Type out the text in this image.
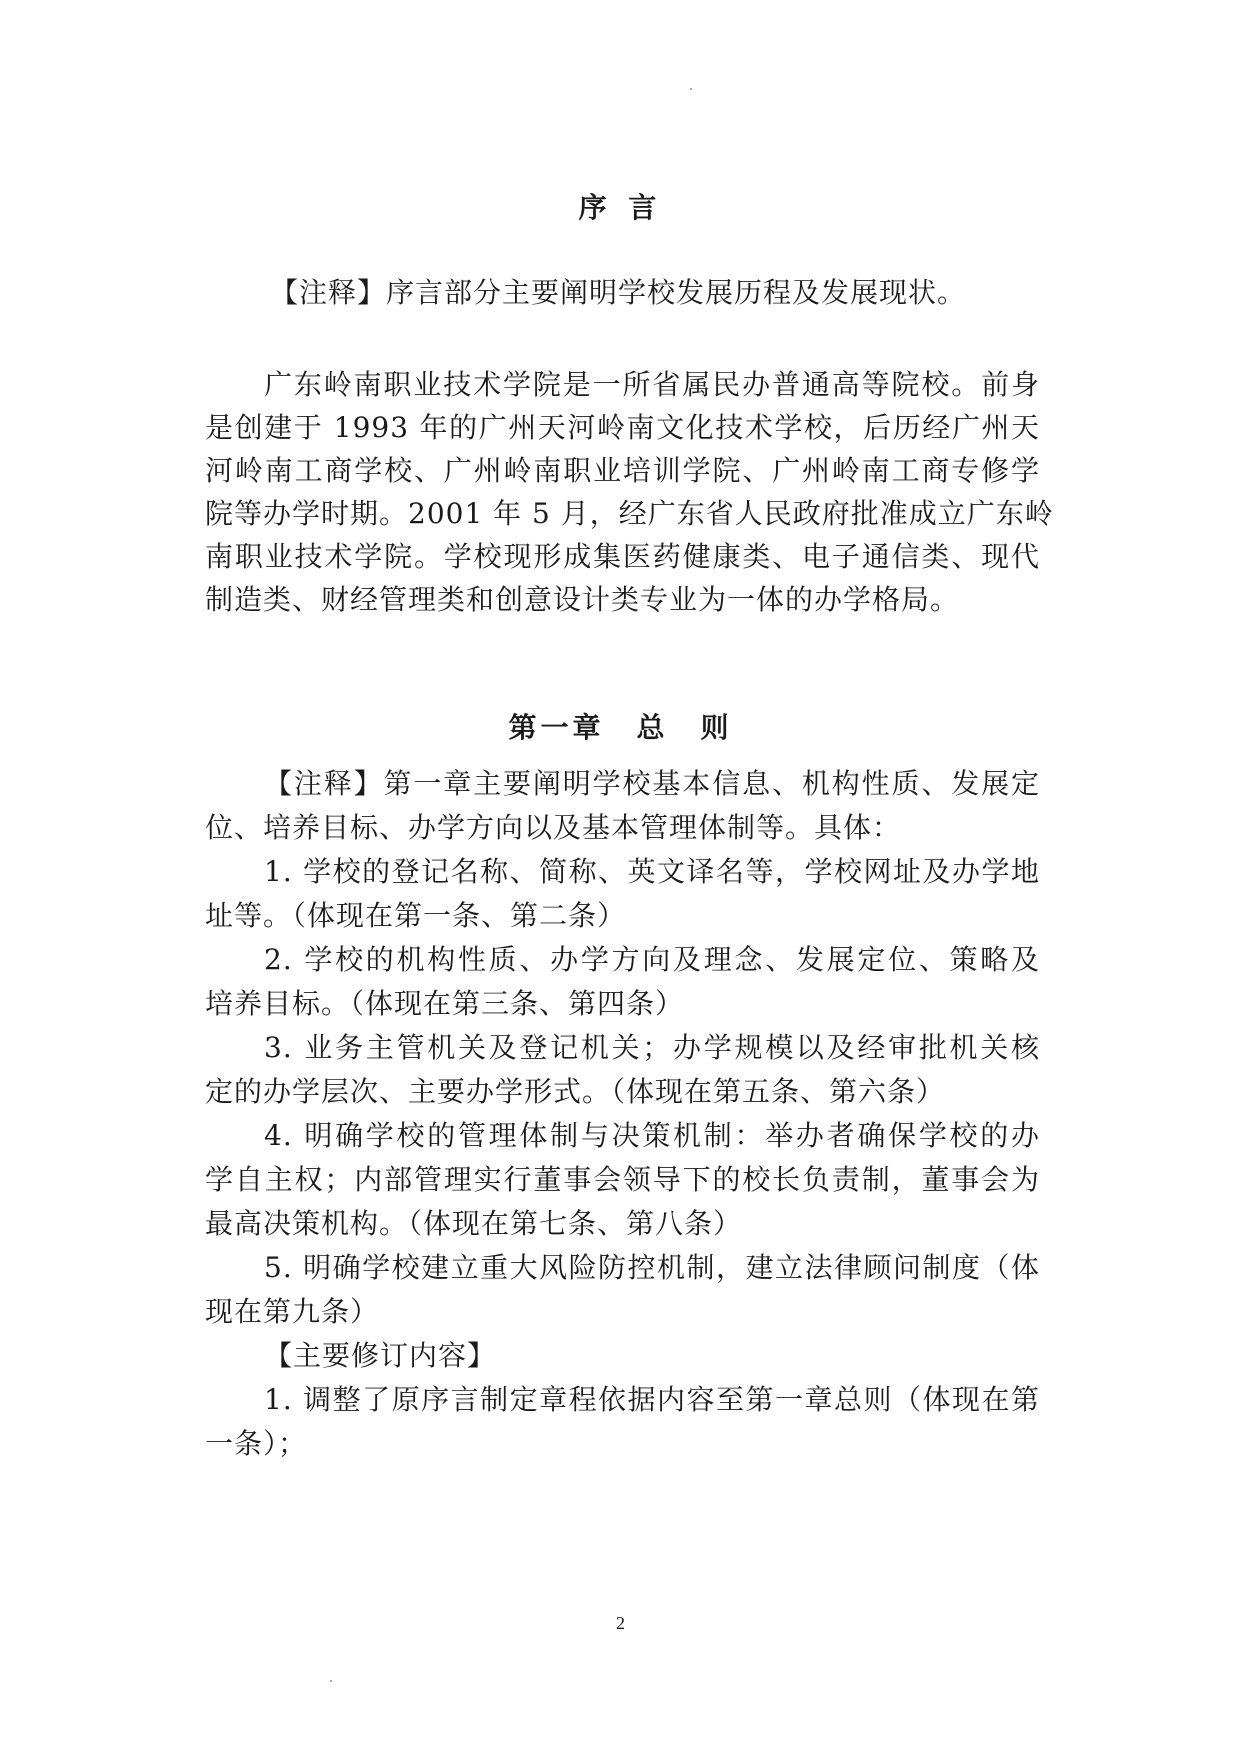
序 言
【注释】序言部分主要阐明学校发展历程及发展现状。
广东岭南职业技术学院是一所省属民办普通高等院校。前身
是创建于 1993 年的广州天河岭南文化技术学校，后历经广州天
河岭南工商学校、广州岭南职业培训学院、广州岭南工商专修学
院等办学时期。2001 年 5 月，经广东省人民政府批准成立广东岭
南职业技术学院。学校现形成集医药健康类、电子通信类、现代
制造类、财经管理类和创意设计类专业为一体的办学格局。
第一章　总　则
【注释】第一章主要阐明学校基本信息、机构性质、发展定
位、培养目标、办学方向以及基本管理体制等。具体：
1. 学校的登记名称、简称、英文译名等，学校网址及办学地
址等。（体现在第一条、第二条）
2. 学校的机构性质、办学方向及理念、发展定位、策略及
培养目标。（体现在第三条、第四条）
3. 业务主管机关及登记机关；办学规模以及经审批机关核
定的办学层次、主要办学形式。（体现在第五条、第六条）
4. 明确学校的管理体制与决策机制：举办者确保学校的办
学自主权；内部管理实行董事会领导下的校长负责制，董事会为
最高决策机构。（体现在第七条、第八条）
5. 明确学校建立重大风险防控机制，建立法律顾问制度（体
现在第九条）
【主要修订内容】
1. 调整了原序言制定章程依据内容至第一章总则（体现在第
一条）；
2
